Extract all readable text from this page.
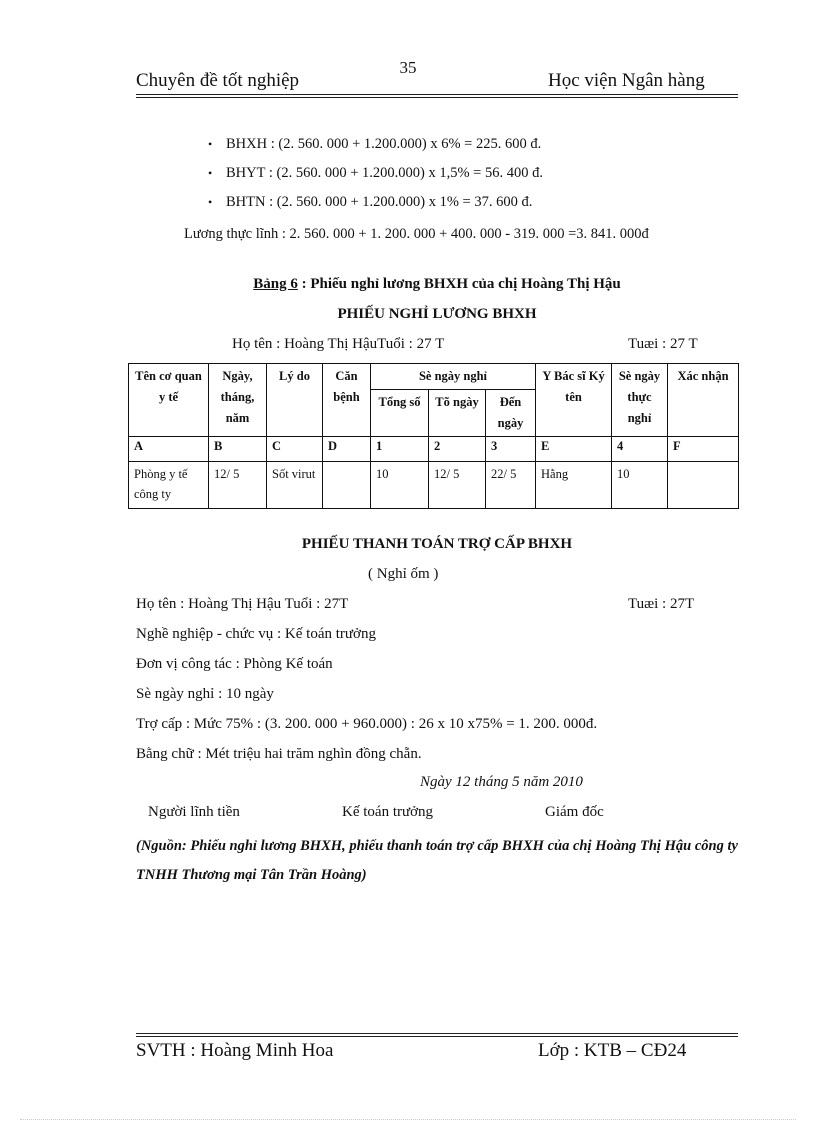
35
Chuyên đề tốt nghiệp	Học viện Ngân hàng
• BHXH : (2. 560. 000 + 1.200.000) x 6% = 225. 600 đ.
• BHYT : (2. 560. 000 + 1.200.000) x 1,5% = 56. 400 đ.
• BHTN : (2. 560. 000 + 1.200.000) x 1% = 37. 600 đ.
Lương thực lĩnh : 2. 560. 000 + 1. 200. 000 + 400. 000 - 319. 000 =3. 841. 000đ
Bảng 6 : Phiếu nghỉ lương BHXH của chị Hoàng Thị Hậu
PHIẾU NGHỈ LƯƠNG BHXH
Họ tên : Hoàng Thị HậuTuổi : 27 T	Tuæi : 27 T
Tên cơ quan y tế	Ngày, tháng, năm	Lý do	Căn bệnh	Sè ngày nghỉ			Y Bác sĩ Ký tên	Sè ngày thực nghỉ	Xác nhận
				Tổng số	Tõ ngày	Đến ngày			
A	B	C	D	1	2	3	E	4	F
Phòng y tế công ty	12/ 5	Sốt virut		10	12/ 5	22/ 5	Hằng	10	
PHIẾU THANH TOÁN TRỢ CẤP BHXH
( Nghỉ ốm )
Họ tên : Hoàng Thị Hậu Tuổi : 27T	Tuæi : 27T
Nghề nghiệp - chức vụ : Kế toán trưởng
Đơn vị công tác : Phòng Kế toán
Sè ngày nghỉ : 10 ngày
Trợ cấp : Mức 75% : (3. 200. 000 + 960.000) : 26 x 10 x75% = 1. 200. 000đ.
Bằng chữ : Mét triệu hai trăm nghìn đồng chẵn.
Ngày 12 tháng 5 năm 2010
Người lĩnh tiền	Kế toán trưởng	Giám đốc
(Nguồn: Phiếu nghỉ lương BHXH, phiếu thanh toán trợ cấp BHXH của chị Hoàng Thị Hậu công ty TNHH Thương mại Tân Trần Hoàng)
SVTH : Hoàng Minh Hoa	Lớp : KTB – CĐ24
